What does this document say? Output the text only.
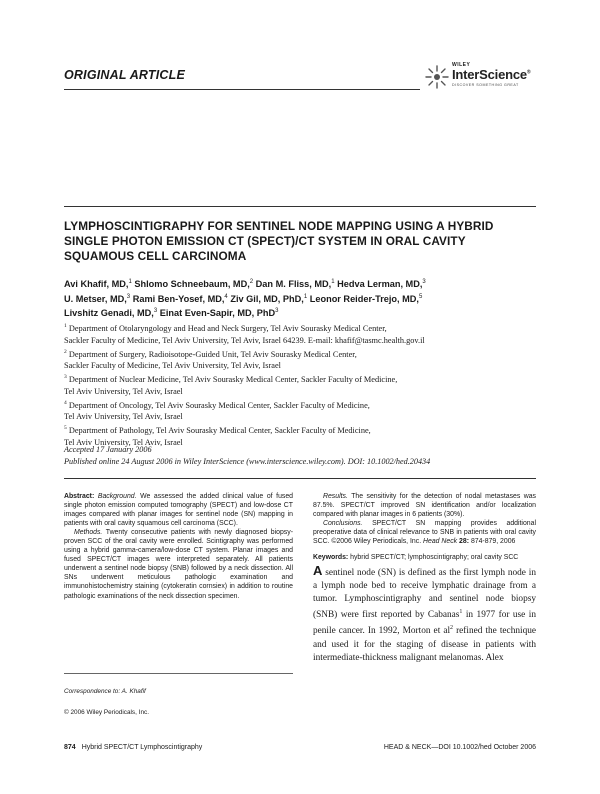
ORIGINAL ARTICLE
WILEY
InterScience®
DISCOVER SOMETHING GREAT
LYMPHOSCINTIGRAPHY FOR SENTINEL NODE MAPPING USING A HYBRID SINGLE PHOTON EMISSION CT (SPECT)/CT SYSTEM IN ORAL CAVITY SQUAMOUS CELL CARCINOMA
Avi Khafif, MD,$^1$ Shlomo Schneebaum, MD,$^2$ Dan M. Fliss, MD,$^1$ Hedva Lerman, MD,$^3$
U. Metser, MD,$^3$ Rami Ben-Yosef, MD,$^4$ Ziv Gil, MD, PhD,$^1$ Leonor Reider-Trejo, MD,$^5$
Livshitz Genadi, MD,$^3$ Einat Even-Sapir, MD, PhD$^3$

$^1$ Department of Otolaryngology and Head and Neck Surgery, Tel Aviv Sourasky Medical Center,
Sackler Faculty of Medicine, Tel Aviv University, Tel Aviv, Israel 64239. E-mail: khafif@tasmc.health.gov.il

$^2$ Department of Surgery, Radioisotope-Guided Unit, Tel Aviv Sourasky Medical Center,
Sackler Faculty of Medicine, Tel Aviv University, Tel Aviv, Israel

$^3$ Department of Nuclear Medicine, Tel Aviv Sourasky Medical Center, Sackler Faculty of Medicine,
Tel Aviv University, Tel Aviv, Israel

$^4$ Department of Oncology, Tel Aviv Sourasky Medical Center, Sackler Faculty of Medicine,
Tel Aviv University, Tel Aviv, Israel

$^5$ Department of Pathology, Tel Aviv Sourasky Medical Center, Sackler Faculty of Medicine,
Tel Aviv University, Tel Aviv, Israel

Accepted 17 January 2006
Published online 24 August 2006 in Wiley InterScience (www.interscience.wiley.com). DOI: 10.1002/hed.20434

Abstract: Background. We assessed the added clinical value of fused single photon emission computed tomography (SPECT) and low-dose CT images compared with planar images for sentinel node (SN) mapping in patients with oral cavity squamous cell carcinoma (SCC).

Methods. Twenty consecutive patients with newly diagnosed biopsy-proven SCC of the oral cavity were enrolled. Scintigraphy was performed using a hybrid gamma-camera/low-dose CT system. Planar images and fused SPECT/CT images were interpreted separately. All patients underwent a sentinel node biopsy (SNB) followed by a neck dissection. All SNs underwent meticulous pathologic examination and immunohistochemistry staining (cytokeratin cornsiex) in addition to routine pathologic examinations of the neck dissection specimen.

Results. The sensitivity for the detection of nodal metastases was 87.5%. SPECT/CT improved SN identification and/or localization compared with planar images in 6 patients (30%).

Conclusions. SPECT/CT SN mapping provides additional preoperative data of clinical relevance to SNB in patients with oral cavity SCC. ©2006 Wiley Periodicals, Inc. Head Neck 28: 874-879, 2006

Keywords: hybrid SPECT/CT; lymphoscintigraphy; oral cavity SCC

Correspondence to: A. Khafif
© 2006 Wiley Periodicals, Inc.
A sentinel node (SN) is defined as the first lymph node in a lymph node bed to receive lymphatic drainage from a tumor. Lymphoscintigraphy and sentinel node biopsy (SNB) were first reported by Cabanas$^1$ in 1977 for use in penile cancer. In 1992, Morton et $al^2$ refined the technique and used it for the staging of disease in patients with intermediate-thickness malignant melanomas. Alex
874 Hybrid SPECT/CT Lymphoscintigraphy	HEAD & NECK—DOI 10.1002/hed October 2006
